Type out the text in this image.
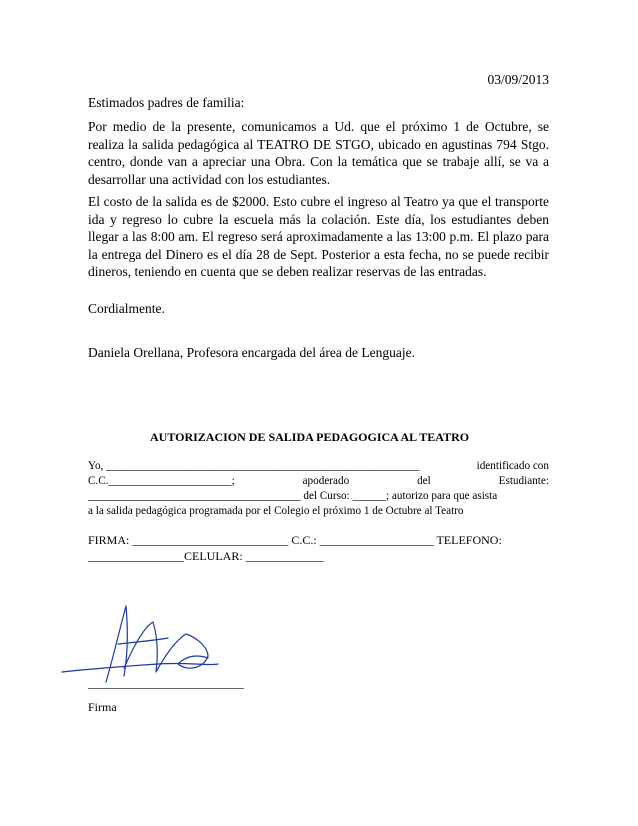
03/09/2013

Estimados padres de familia:

Por medio de la presente, comunicamos a Ud. que el próximo 1 de Octubre, se realiza la salida pedagógica al TEATRO DE STGO, ubicado en agustinas 794 Stgo. centro, donde van a apreciar una Obra. Con la temática que se trabaje allí, se va a desarrollar una actividad con los estudiantes.

El costo de la salida es de $2000. Esto cubre el ingreso al Teatro ya que el transporte ida y regreso lo cubre la escuela más la colación. Este día, los estudiantes deben llegar a las 8:00 am. El regreso será aproximadamente a las 13:00 p.m. El plazo para la entrega del Dinero es el día 28 de Sept. Posterior a esta fecha, no se puede recibir dineros, teniendo en cuenta que se deben realizar reservas de las entradas.

Cordialmente.

Daniela Orellana, Profesora encargada del área de Lenguaje.
AUTORIZACION DE SALIDA PEDAGOGICA AL TEATRO
Yo, ________________________________________________________	identificado con
C.C.______________________;	apoderado	del	Estudiante:

______________________________________ del Curso: ______; autorizo para que asista

a la salida pedagógica programada por el Colegio el próximo 1 de Octubre al Teatro

FIRMA: __________________________ C.C.: ___________________ TELEFONO:

________________CELULAR: _____________

_______________________________
Firma
